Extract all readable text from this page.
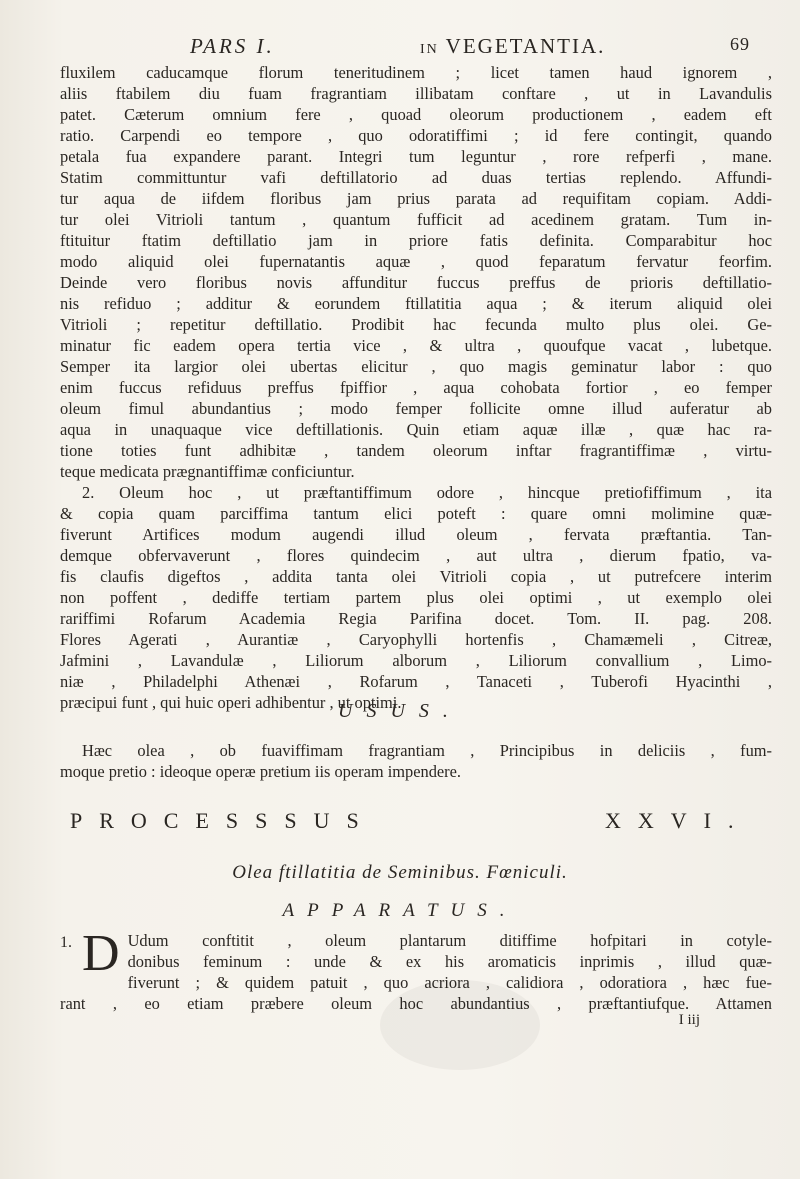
PARS I.	IN VEGETANTIA.	69
fluxilem caducamque florum teneritudinem ; licet tamen haud ignorem ,
aliis ftabilem diu fuam fragrantiam illibatam conftare , ut in Lavandulis
patet. Cæterum omnium fere , quoad oleorum productionem , eadem eft
ratio. Carpendi eo tempore , quo odoratiffimi ; id fere contingit, quando
petala fua expandere parant. Integri tum leguntur , rore refperfi , mane.
Statim committuntur vafi deftillatorio ad duas tertias replendo. Affundi-
tur aqua de iifdem floribus jam prius parata ad requifitam copiam. Addi-
tur olei Vitrioli tantum , quantum fufficit ad acedinem gratam. Tum in-
ftituitur ftatim deftillatio jam in priore fatis definita. Comparabitur hoc
modo aliquid olei fupernatantis aquæ , quod feparatum fervatur feorfim.
Deinde vero floribus novis affunditur fuccus preffus de prioris deftillatio-
nis refiduo ; additur & eorundem ftillatitia aqua ; & iterum aliquid olei
Vitrioli ; repetitur deftillatio. Prodibit hac fecunda multo plus olei. Ge-
minatur fic eadem opera tertia vice , & ultra , quoufque vacat , lubetque.
Semper ita largior olei ubertas elicitur , quo magis geminatur labor : quo
enim fuccus refiduus preffus fpiffior , aqua cohobata fortior , eo femper
oleum fimul abundantius ; modo femper follicite omne illud auferatur ab
aqua in unaquaque vice deftillationis. Quin etiam aquæ illæ , quæ hac ra-
tione toties funt adhibitæ , tandem oleorum inftar fragrantiffimæ , virtu-
teque medicata prægnantiffimæ conficiuntur.
2. Oleum hoc , ut præftantiffimum odore , hincque pretiofiffimum , ita
& copia quam parciffima tantum elici poteft : quare omni molimine quæ-
fiverunt Artifices modum augendi illud oleum , fervata præftantia. Tan-
demque obfervaverunt , flores quindecim , aut ultra , dierum fpatio, va-
fis claufis digeftos , addita tanta olei Vitrioli copia , ut putrefcere interim
non poffent , dediffe tertiam partem plus olei optimi , ut exemplo olei
rariffimi Rofarum Academia Regia Parifina docet. Tom. II. pag. 208.
Flores Agerati , Aurantiæ , Caryophylli hortenfis , Chamæmeli , Citreæ,
Jafmini , Lavandulæ , Liliorum alborum , Liliorum convallium , Limo-
niæ , Philadelphi Athenæi , Rofarum , Tanaceti , Tuberofi Hyacinthi ,
præcipui funt , qui huic operi adhibentur , ut optimi.
USUS.
Hæc olea , ob fuaviffimam fragrantiam , Principibus in deliciis , fum-
moque pretio : ideoque operæ pretium iis operam impendere.
PROCESSSUS	XXVI.
Olea ftillatitia de Seminibus. Fœniculi.
APPARATUS.
D Udum conftitit , oleum plantarum ditiffime hofpitari in cotyle-
donibus feminum : unde & ex his aromaticis inprimis , illud quæ-
fiverunt ; & quidem patuit , quo acriora , calidiora , odoratiora , hæc fue-
rant , eo etiam præbere oleum hoc abundantius , præftantiufque. Attamen
1.
I iij
